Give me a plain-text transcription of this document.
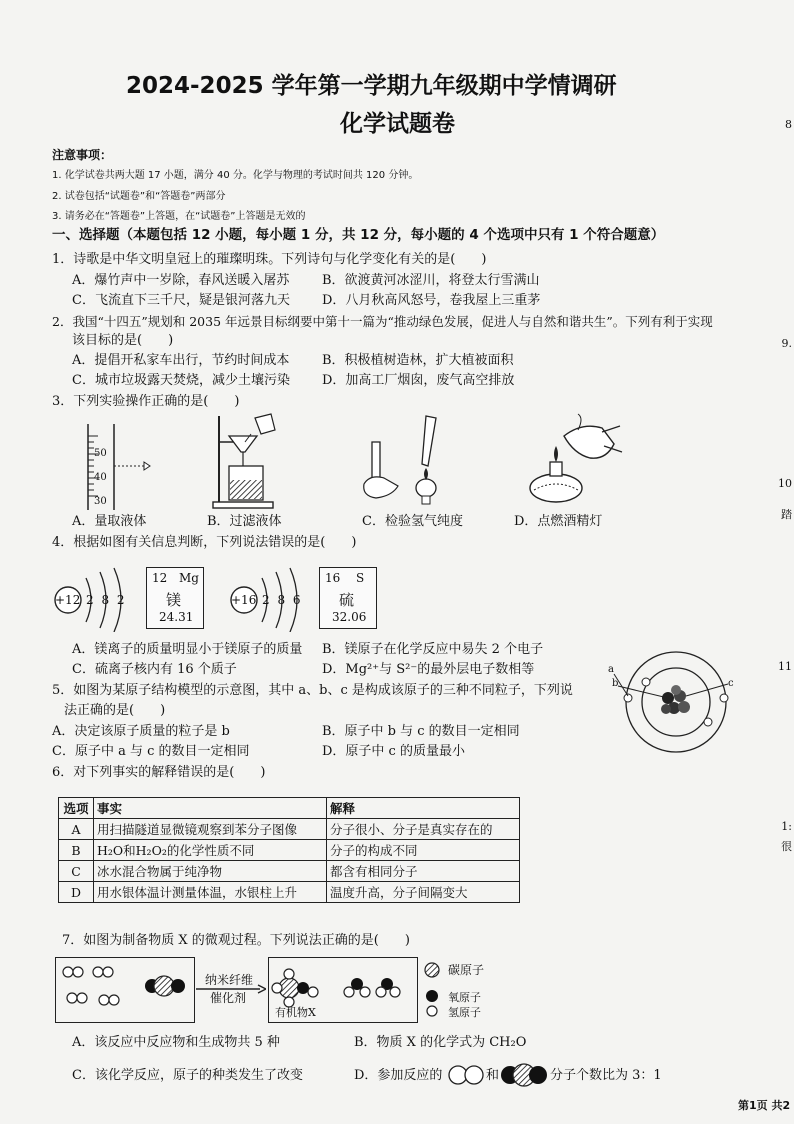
2024-2025 学年第一学期九年级期中学情调研
化学试题卷
注意事项：
1. 化学试卷共两大题 17 小题，满分 40 分。化学与物理的考试时间共 120 分钟。
2. 试卷包括“试题卷”和“答题卷”两部分
3. 请务必在“答题卷”上答题，在“试题卷”上答题是无效的
一、选择题（本题包括 12 小题，每小题 1 分，共 12 分，每小题的 4 个选项中只有 1 个符合题意）
1．诗歌是中华文明皇冠上的璀璨明珠。下列诗句与化学变化有关的是(　　)
A．爆竹声中一岁除，春风送暖入屠苏	B．欲渡黄河冰涩川，将登太行雪满山
C．飞流直下三千尺，疑是银河落九天 D．八月秋高风怒号，卷我屋上三重茅
2．我国“十四五”规划和 2035 年远景目标纲要中第十一篇为“推动绿色发展，促进人与自然和谐共生”。下列有利于实现
该目标的是(　　)
A．提倡开私家车出行，节约时间成本	B．积极植树造林，扩大植被面积
C．城市垃圾露天焚烧，减少土壤污染 D．加高工厂烟囱，废气高空排放
3．下列实验操作正确的是(　　)
50
40
30
A．量取液体	B．过滤液体	C．检验氢气纯度	D．点燃酒精灯
4．根据如图有关信息判断，下列说法错误的是(　　)
+12 2 8 2
12 Mg
镁
24.31
+16 2 8 6
16 S
硫
32.06
A．镁离子的质量明显小于镁原子的质量 B．镁原子在化学反应中易失 2 个电子
C．硫离子核内有 16 个质子	D．Mg²⁺与 S²⁻的最外层电子数相等	a
b	c
5．如图为某原子结构模型的示意图，其中 a、b、c 是构成该原子的三种不同粒子，下列说
法正确的是(　　)
A．决定该原子质量的粒子是 b	B．原子中 b 与 c 的数目一定相同
C．原子中 a 与 c 的数目一定相同	D．原子中 c 的质量最小
6．对下列事实的解释错误的是(　　)
选项	事实	解释
A	用扫描隧道显微镜观察到苯分子图像	分子很小、分子是真实存在的
B	H₂O和H₂O₂的化学性质不同	分子的构成不同
C	冰水混合物属于纯净物	都含有相同分子
D	用水银体温计测量体温，水银柱上升	温度升高，分子间隔变大
7．如图为制备物质 X 的微观过程。下列说法正确的是(　　)
纳米纤维
催化剂
有机物X
碳原子
氧原子
氢原子
A．该反应中反应物和生成物共 5 种	B．物质 X 的化学式为 CH₂O
C．该化学反应，原子的种类发生了改变	D．参加反应的	和	分子个数比为 3：1
第1页 共2
8
9.
10
踏
11
1:
很
